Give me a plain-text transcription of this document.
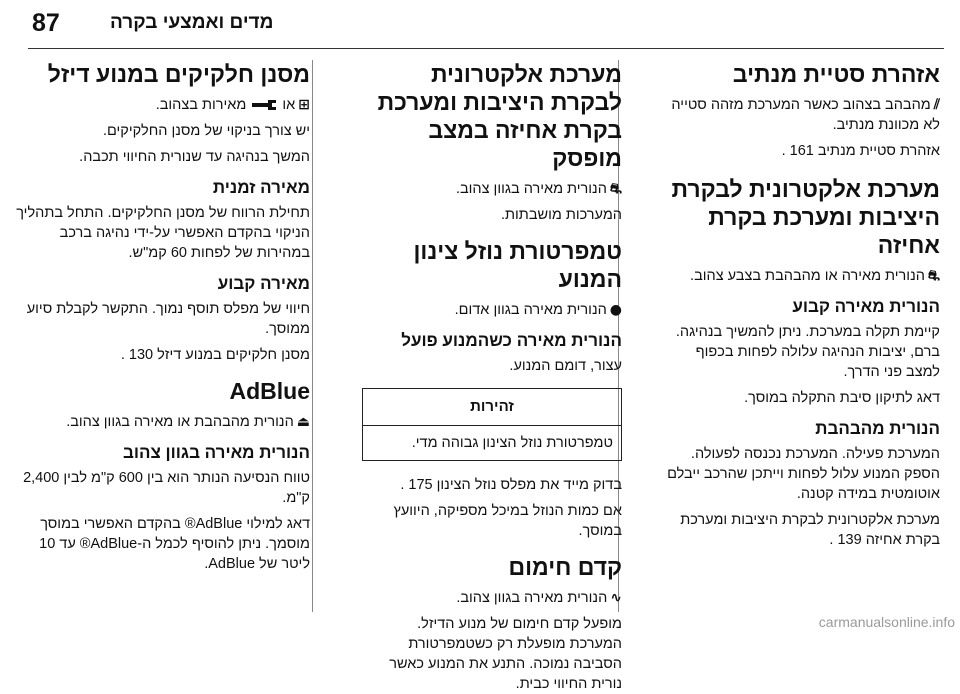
87	מדים ואמצעי בקרה
אזהרת סטיית מנתיב

⫽מהבהב בצהוב כאשר המערכת מזהה סטייה לא מכוונת מנתיב.

אזהרת סטיית מנתיב 161 .

מערכת אלקטרונית לבקרת היציבות ומערכת בקרת אחיזה

⛐הנורית מאירה או מהבהבת בצבע צהוב.

הנורית מאירה קבוע

קיימת תקלה במערכת. ניתן להמשיך בנהיגה. ברם, יציבות הנהיגה עלולה לפחות בכפוף למצב פני הדרך.

דאג לתיקון סיבת התקלה במוסך.

הנורית מהבהבת

המערכת פעילה. המערכת נכנסה לפעולה. הספק המנוע עלול לפחות וייתכן שהרכב ייבלם אוטומטית במידה קטנה.

מערכת אלקטרונית לבקרת היציבות ומערכת בקרת אחיזה 139 .

מערכת אלקטרונית לבקרת היציבות ומערכת בקרת אחיזה במצב מופסק

⛐הנורית מאירה בגוון צהוב.

המערכות מושבתות.

טמפרטורת נוזל צינון המנוע

●הנורית מאירה בגוון אדום.

הנורית מאירה כשהמנוע פועל

עצור, דומם המנוע.

זהירות
טמפרטורת נוזל הצינון גבוהה מדי.

בדוק מייד את מפלס נוזל הצינון 175 .

אם כמות הנוזל במיכל מספיקה, היוועץ במוסך.

קדם חימום

∿הנורית מאירה בגוון צהוב.

מופעל קדם חימום של מנוע הדיזל. המערכת מופעלת רק כשטמפרטורת הסביבה נמוכה. התנע את המנוע כאשר נורית החיווי כבית.

מסנן חלקיקים במנוע דיזל

⊞או  מאירות בצהוב.

יש צורך בניקוי של מסנן החלקיקים.

המשך בנהיגה עד שנורית החיווי תכבה.

מאירה זמנית

תחילת הרווח של מסנן החלקיקים. התחל בתהליך הניקוי בהקדם האפשרי על-ידי נהיגה ברכב במהירות של לפחות 60 קמ"ש.

מאירה קבוע

חיווי של מפלס תוסף נמוך. התקשר לקבלת סיוע ממוסך.

מסנן חלקיקים במנוע דיזל 130 .

AdBlue

⏏הנורית מהבהבת או מאירה בגוון צהוב.

הנורית מאירה בגוון צהוב

טווח הנסיעה הנותר הוא בין 600 ק"מ לבין 2,400 ק"מ.

דאג למילוי AdBlue® בהקדם האפשרי במוסך מוסמך. ניתן להוסיף לכמל ה-AdBlue® עד 10 ליטר של AdBlue.

carmanualsonline.info
